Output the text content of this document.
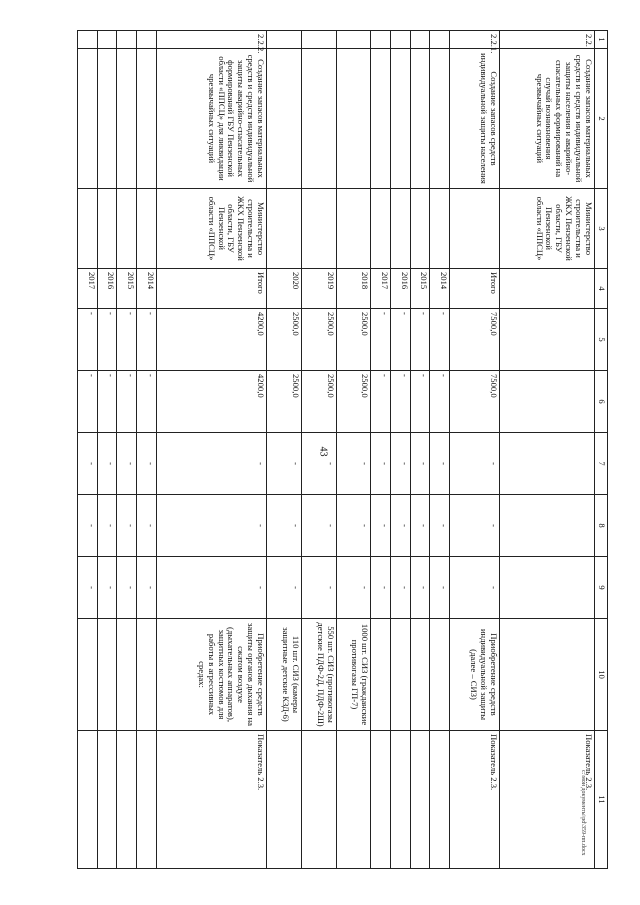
43
c:\мои документы\pd\359-пп.docx
1	2	3	4	5	6	7	8	9	10	11
2.2.	Создание запасов материальных средств и средств индивидуальной защиты населения и аварийно-спасательных формирований на случай возникновения чрезвычайных ситуаций	Министерство строительства и ЖКХ Пензенской области, ГБУ Пензенской области «ППСЦ»								Показатель 2.3.
2.2.1.	Создание запасов средств индивидуальной защиты населения		Итого	7500,0	7500,0	-	-	-	Приобретение средств индивидуальной защиты (далее – СИЗ)	Показатель 2.3.
			2014	-	-	-	-	-		
			2015	-	-	-	-	-		
			2016	-	-	-	-	-		
			2017	-	-	-	-	-		
			2018	2500,0	2500,0	-	-	-	1000 шт. СИЗ (гражданские противогазы ГП-7)	
			2019	2500,0	2500,0	-	-	-	550 шт. СИЗ (противогазы детские ПДФ-2Д, ПДФ-2Ш)	
			2020	2500,0	2500,0	-	-	-	110 шт. СИЗ (камеры защитные детские КЗД-6)	
2.2.2.	Создание запасов материальных средств и средств индивидуальной защиты аварийно-спасательных формирований ГБУ Пензенской области «ППСЦ» для ликвидации чрезвычайных ситуаций	Министерство строительства и ЖКХ Пензенской области, ГБУ Пензенской области «ППСЦ»	Итого	4200,0	4200,0	-	-	-	Приобретение средств защиты органов дыхания на сжатом воздухе (дыхательных аппаратов), защитных костюмов для работы в агрессивных средах:	Показатель 2.3.
			2014	-	-	-	-	-		
			2015	-	-	-	-	-		
			2016	-	-	-	-	-		
			2017	-	-	-	-	-		
